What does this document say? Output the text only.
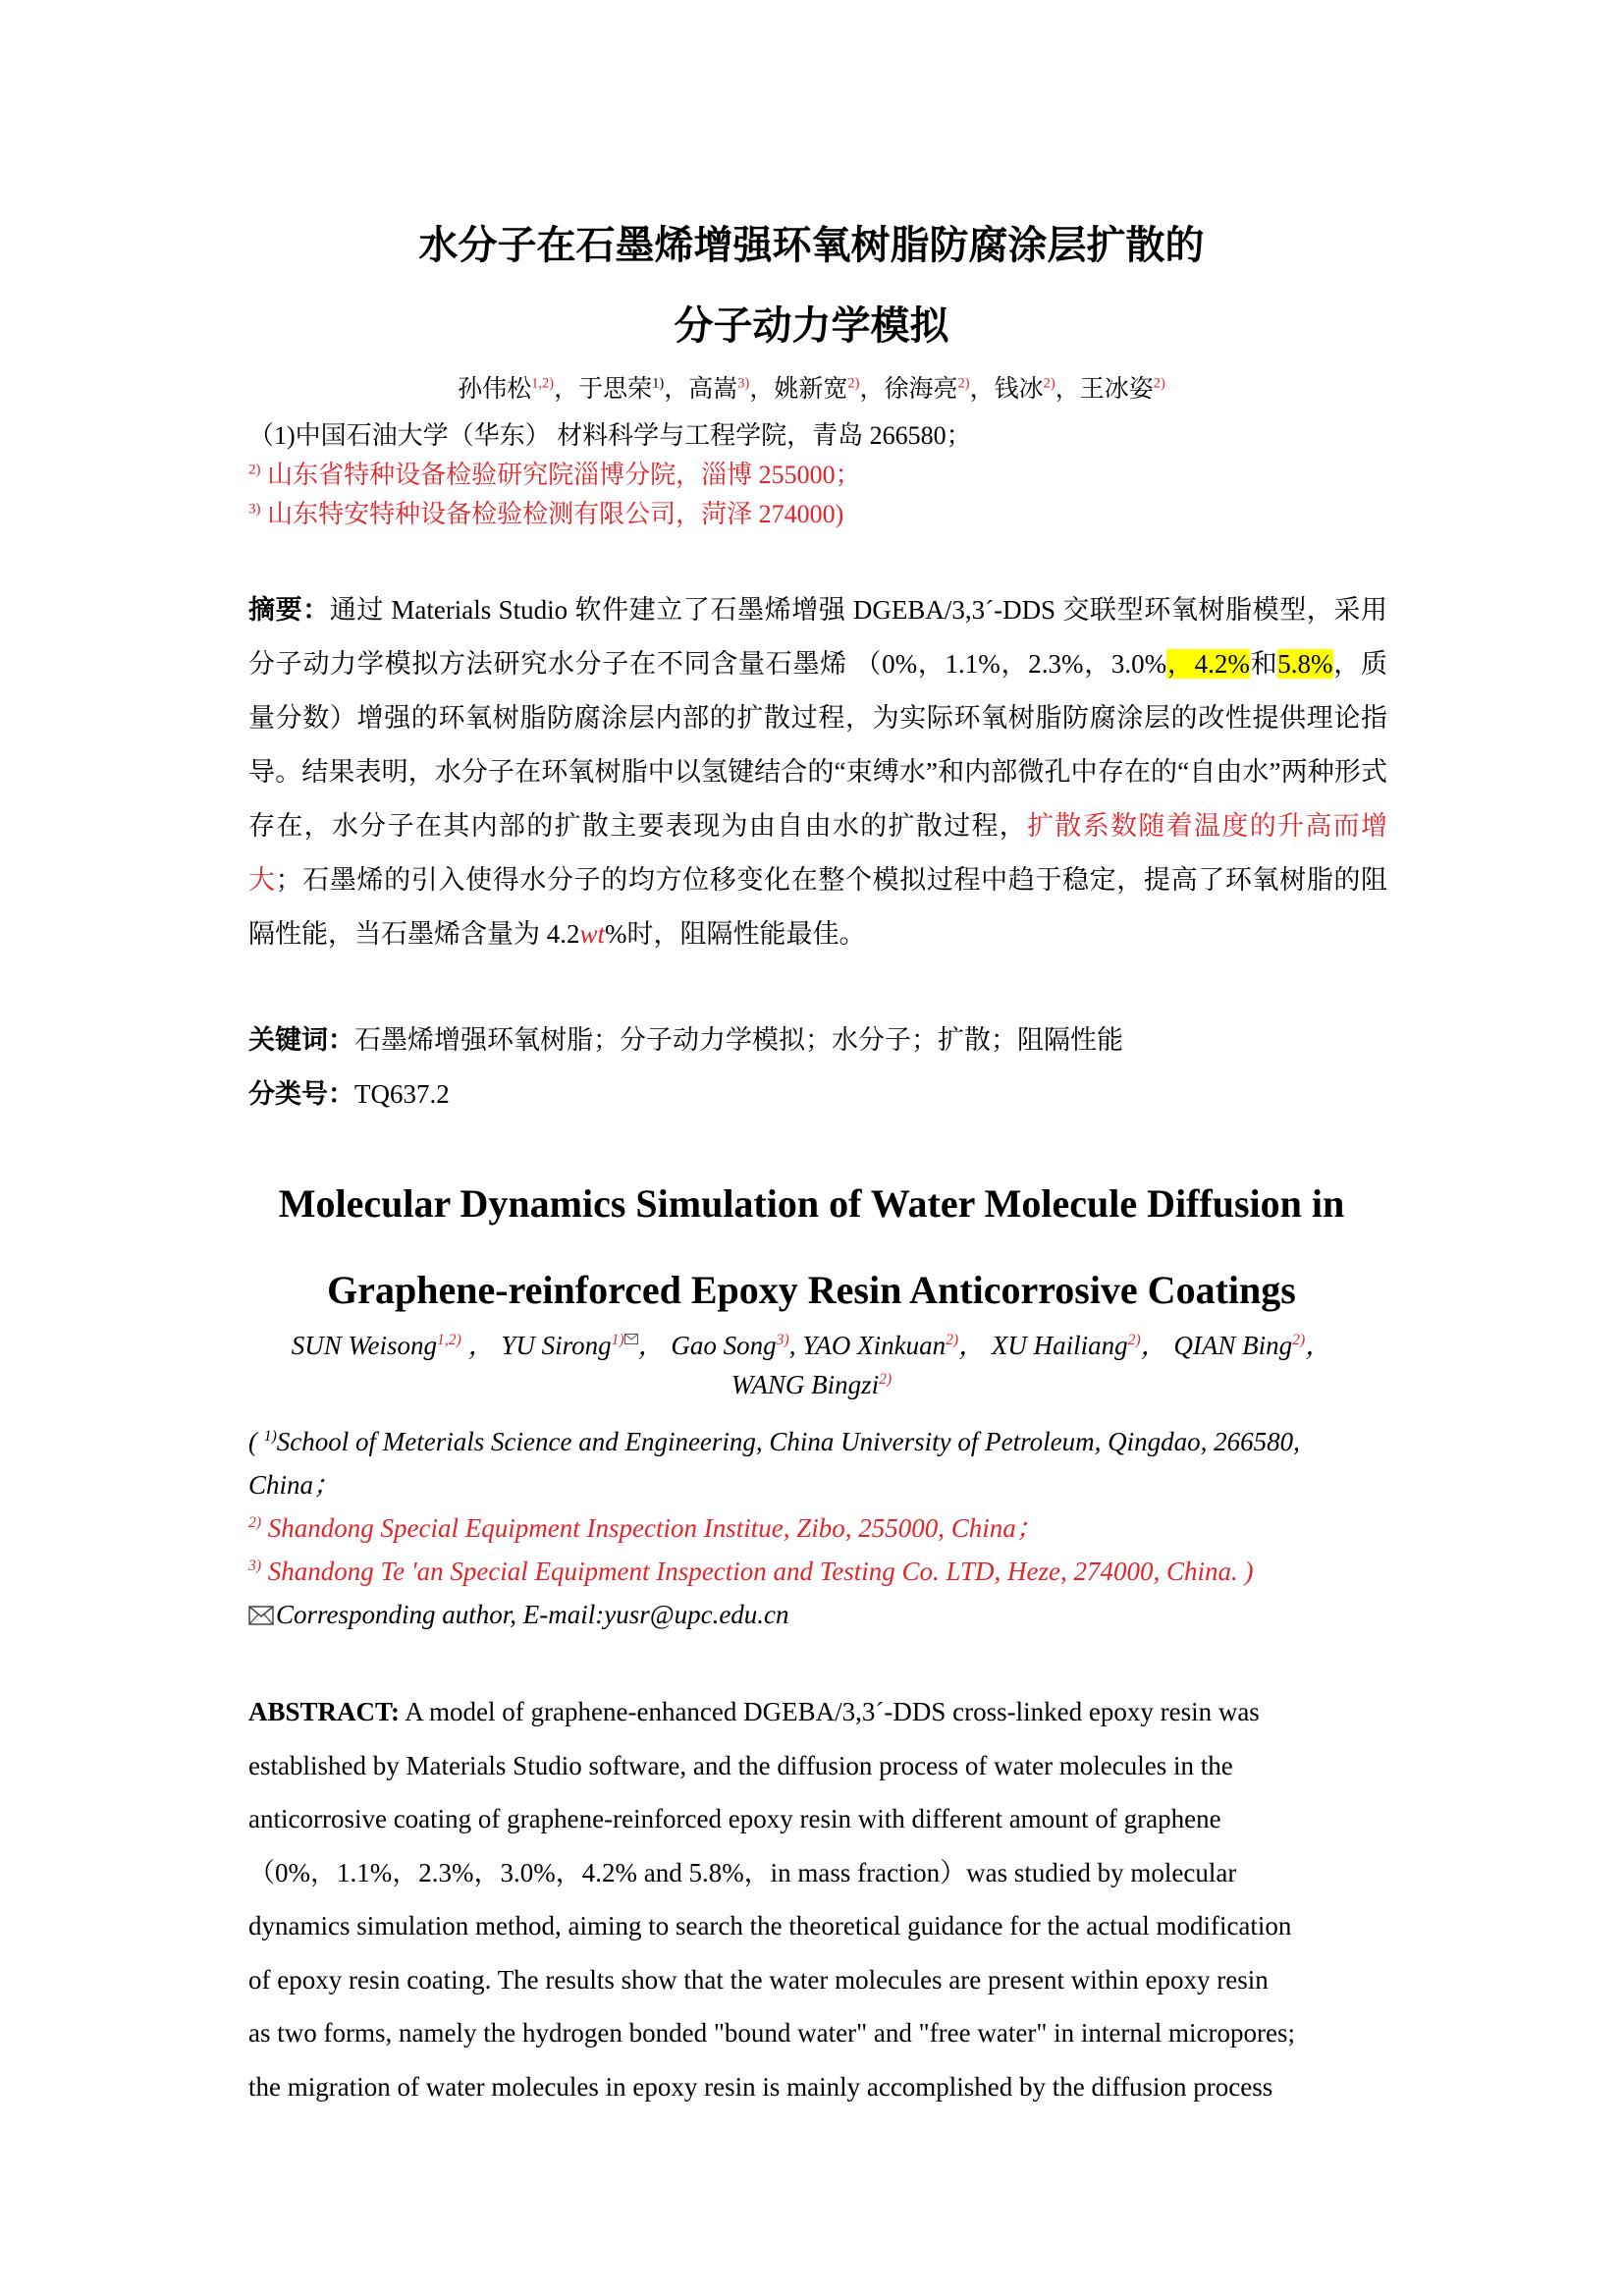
水分子在石墨烯增强环氧树脂防腐涂层扩散的
分子动力学模拟
孙伟松$^{1,2)}$，于思荣$^{1)}$，高嵩$^{3)}$，姚新宽$^{2)}$，徐海亮$^{2)}$，钱冰$^{2)}$，王冰姿$^{2)}$
（1)中国石油大学（华东） 材料科学与工程学院，青岛 266580；
$^{2)}$ 山东省特种设备检验研究院淄博分院，淄博 255000；
$^{3)}$ 山东特安特种设备检验检测有限公司，菏泽 274000)
摘要：通过 Materials Studio 软件建立了石墨烯增强 DGEBA/3,3´-DDS 交联型环氧树脂模型，采用分子动力学模拟方法研究水分子在不同含量石墨烯 （0%，1.1%，2.3%，3.0%，4.2%和5.8%，质量分数）增强的环氧树脂防腐涂层内部的扩散过程，为实际环氧树脂防腐涂层的改性提供理论指导。结果表明，水分子在环氧树脂中以氢键结合的“束缚水”和内部微孔中存在的“自由水”两种形式存在，水分子在其内部的扩散主要表现为由自由水的扩散过程，扩散系数随着温度的升高而增大；石墨烯的引入使得水分子的均方位移变化在整个模拟过程中趋于稳定，提高了环氧树脂的阻隔性能，当石墨烯含量为 4.2wt%时，阻隔性能最佳。
关键词：石墨烯增强环氧树脂；分子动力学模拟；水分子；扩散；阻隔性能
分类号：TQ637.2
Molecular Dynamics Simulation of Water Molecule Diffusion in
Graphene-reinforced Epoxy Resin Anticorrosive Coatings
SUN Weisong$^{1,2)}$ ， YU Sirong$^{1)}$ ， Gao Song$^{3)}$, YAO Xinkuan$^{2)}$， XU Hailiang$^{2)}$， QIAN Bing$^{2)}$，
WANG Bingzi$^{2)}$
( $^{1)}$School of Meterials Science and Engineering, China University of Petroleum, Qingdao, 266580,
China；
$^{2)}$ Shandong Special Equipment Inspection Institue, Zibo, 255000, China；
$^{3)}$ Shandong Te 'an Special Equipment Inspection and Testing Co. LTD, Heze, 274000, China. )
Corresponding author, E-mail:yusr@upc.edu.cn
ABSTRACT: A model of graphene-enhanced DGEBA/3,3´-DDS cross-linked epoxy resin was
established by Materials Studio software, and the diffusion process of water molecules in the
anticorrosive coating of graphene-reinforced epoxy resin with different amount of graphene
（0%，1.1%，2.3%，3.0%，4.2% and 5.8%，in mass fraction）was studied by molecular
dynamics simulation method, aiming to search the theoretical guidance for the actual modification
of epoxy resin coating. The results show that the water molecules are present within epoxy resin
as two forms, namely the hydrogen bonded "bound water" and "free water" in internal micropores;
the migration of water molecules in epoxy resin is mainly accomplished by the diffusion process
